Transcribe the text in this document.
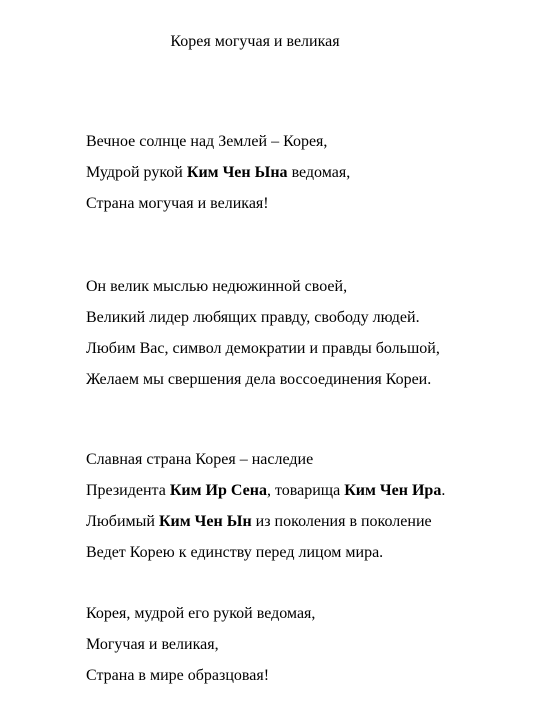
Корея могучая и великая
Вечное солнце над Землей – Корея,
Мудрой рукой Ким Чен Ына ведомая,
Страна могучая и великая!
Он велик мыслью недюжинной своей,
Великий лидер любящих правду, свободу людей.
Любим Вас, символ демократии и правды большой,
Желаем мы свершения дела воссоединения Кореи.
Славная страна Корея – наследие
Президента Ким Ир Сена, товарища Ким Чен Ира.
Любимый Ким Чен Ын из поколения в поколение
Ведет Корею к единству перед лицом мира.
Корея, мудрой его рукой ведомая,
Могучая и великая,
Страна в мире образцовая!
